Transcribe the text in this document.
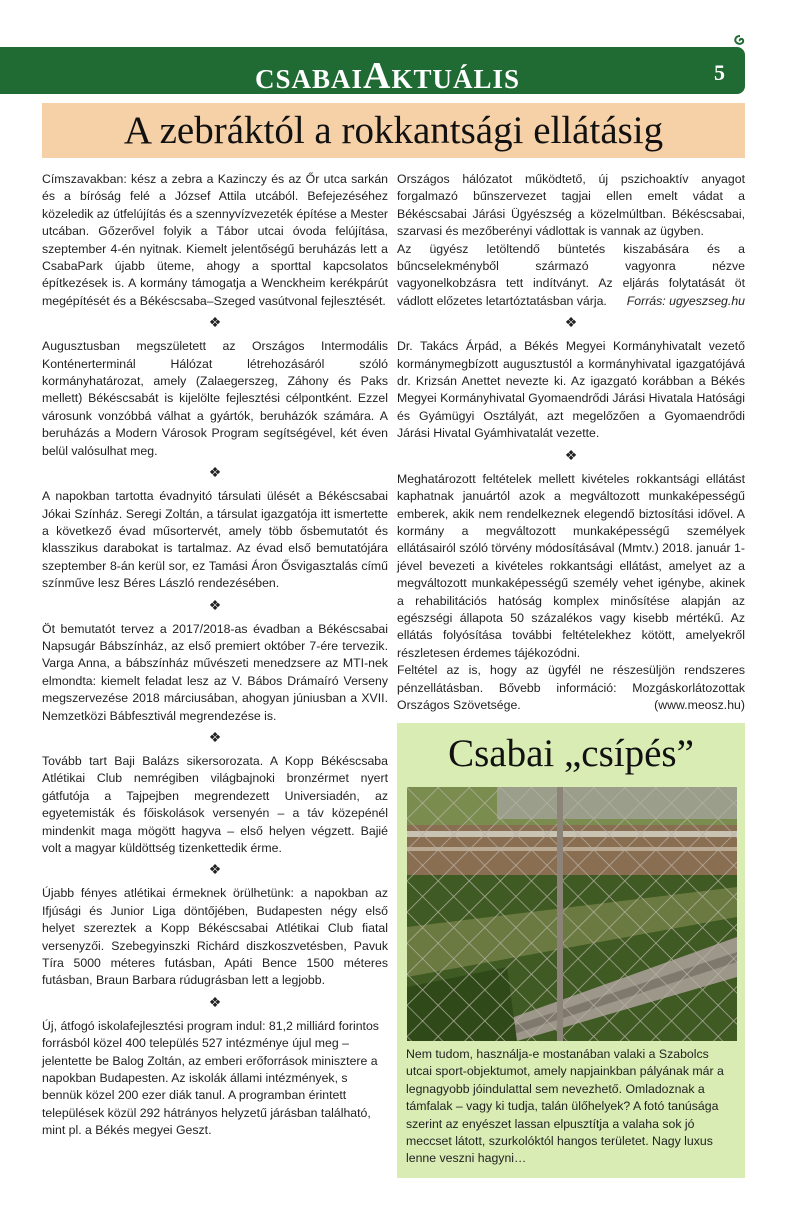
CSABAIAKTUÁLIS	5
A zebráktól a rokkantsági ellátásig

Címszavakban: kész a zebra a Kazinczy és az Őr utca sarkán és a bíróság felé a József Attila utcából. Befejezéséhez közeledik az útfelújítás és a szennyvízvezeték építése a Mester utcában. Gőzerővel folyik a Tábor utcai óvoda felújítása, szeptember 4-én nyitnak. Kiemelt jelentőségű beruházás lett a CsabaPark újabb üteme, ahogy a sporttal kapcsolatos építkezések is. A kormány támogatja a Wenckheim kerékpárút megépítését és a Békéscsaba–Szeged vasútvonal fejlesztését.

❖

Augusztusban megszületett az Országos Intermodális Konténerterminál Hálózat létrehozásáról szóló kormányhatározat, amely (Zalaegerszeg, Záhony és Paks mellett) Békéscsabát is kijelölte fejlesztési célpontként. Ezzel városunk vonzóbbá válhat a gyártók, beruházók számára. A beruházás a Modern Városok Program segítségével, két éven belül valósulhat meg.

❖

A napokban tartotta évadnyitó társulati ülését a Békéscsabai Jókai Színház. Seregi Zoltán, a társulat igazgatója itt ismertette a következő évad műsortervét, amely több ősbemutatót és klasszikus darabokat is tartalmaz. Az évad első bemutatójára szeptember 8-án kerül sor, ez Tamási Áron Ősvigasztalás című színműve lesz Béres László rendezésében.

❖

Öt bemutatót tervez a 2017/2018-as évadban a Békéscsabai Napsugár Bábszínház, az első premiert október 7-ére tervezik. Varga Anna, a bábszínház művészeti menedzsere az MTI-nek elmondta: kiemelt feladat lesz az V. Bábos Drámaíró Verseny megszervezése 2018 márciusában, ahogyan júniusban a XVII. Nemzetközi Bábfesztivál megrendezése is.

❖

Tovább tart Baji Balázs sikersorozata. A Kopp Békéscsaba Atlétikai Club nemrégiben világbajnoki bronzérmet nyert gátfutója a Tajpejben megrendezett Universiadén, az egyetemisták és főiskolások versenyén – a táv közepénél mindenkit maga mögött hagyva – első helyen végzett. Bajié volt a magyar küldöttség tizenkettedik érme.

❖

Újabb fényes atlétikai érmeknek örülhetünk: a napokban az Ifjúsági és Junior Liga döntőjében, Budapesten négy első helyet szereztek a Kopp Békéscsabai Atlétikai Club fiatal versenyzői. Szebegyinszki Richárd diszkoszvetésben, Pavuk Tíra 5000 méteres futásban, Apáti Bence 1500 méteres futásban, Braun Barbara rúdugrásban lett a legjobb.

❖

Új, átfogó iskolafejlesztési program indul: 81,2 milliárd forintos forrásból közel 400 település 527 intézménye újul meg – jelentette be Balog Zoltán, az emberi erőforrások minisztere a napokban Budapesten. Az iskolák állami intézmények, s bennük közel 200 ezer diák tanul. A programban érintett települések közül 292 hátrányos helyzetű járásban található, mint pl. a Békés megyei Geszt.

Országos hálózatot működtető, új pszichoaktív anyagot forgalmazó bűnszervezet tagjai ellen emelt vádat a Békéscsabai Járási Ügyészség a közelmúltban. Békéscsabai, szarvasi és mezőberényi vádlottak is vannak az ügyben.

Az ügyész letöltendő büntetés kiszabására és a bűncselekményből származó vagyonra nézve vagyonelkobzásra tett indítványt. Az eljárás folytatását öt vádlott előzetes letartóztatásban várja. Forrás: ugyeszseg.hu

❖

Dr. Takács Árpád, a Békés Megyei Kormányhivatalt vezető kormánymegbízott augusztustól a kormányhivatal igazgatójává dr. Krizsán Anettet nevezte ki. Az igazgató korábban a Békés Megyei Kormányhivatal Gyomaendrődi Járási Hivatala Hatósági és Gyámügyi Osztályát, azt megelőzően a Gyomaendrődi Járási Hivatal Gyámhivatalát vezette.

❖

Meghatározott feltételek mellett kivételes rokkantsági ellátást kaphatnak januártól azok a megváltozott munkaképességű emberek, akik nem rendelkeznek elegendő biztosítási idővel. A kormány a megváltozott munkaképességű személyek ellátásairól szóló törvény módosításával (Mmtv.) 2018. január 1-jével bevezeti a kivételes rokkantsági ellátást, amelyet az a megváltozott munkaképességű személy vehet igénybe, akinek a rehabilitációs hatóság komplex minősítése alapján az egészségi állapota 50 százalékos vagy kisebb mértékű. Az ellátás folyósítása további feltételekhez kötött, amelyekről részletesen érdemes tájékozódni.

Feltétel az is, hogy az ügyfél ne részesüljön rendszeres pénzellátásban. Bővebb információ: Mozgáskorlátozottak Országos Szövetsége.	(www.meosz.hu)

Csabai „csípés”
Nem tudom, használja-e mostanában valaki a Szabolcs utcai sport-objektumot, amely napjainkban pályának már a legnagyobb jóindulattal sem nevezhető. Omladoznak a támfalak – vagy ki tudja, talán ülőhelyek? A fotó tanúsága szerint az enyészet lassan elpusztítja a valaha sok jó meccset látott, szurkolóktól hangos területet. Nagy luxus lenne veszni hagyni…
